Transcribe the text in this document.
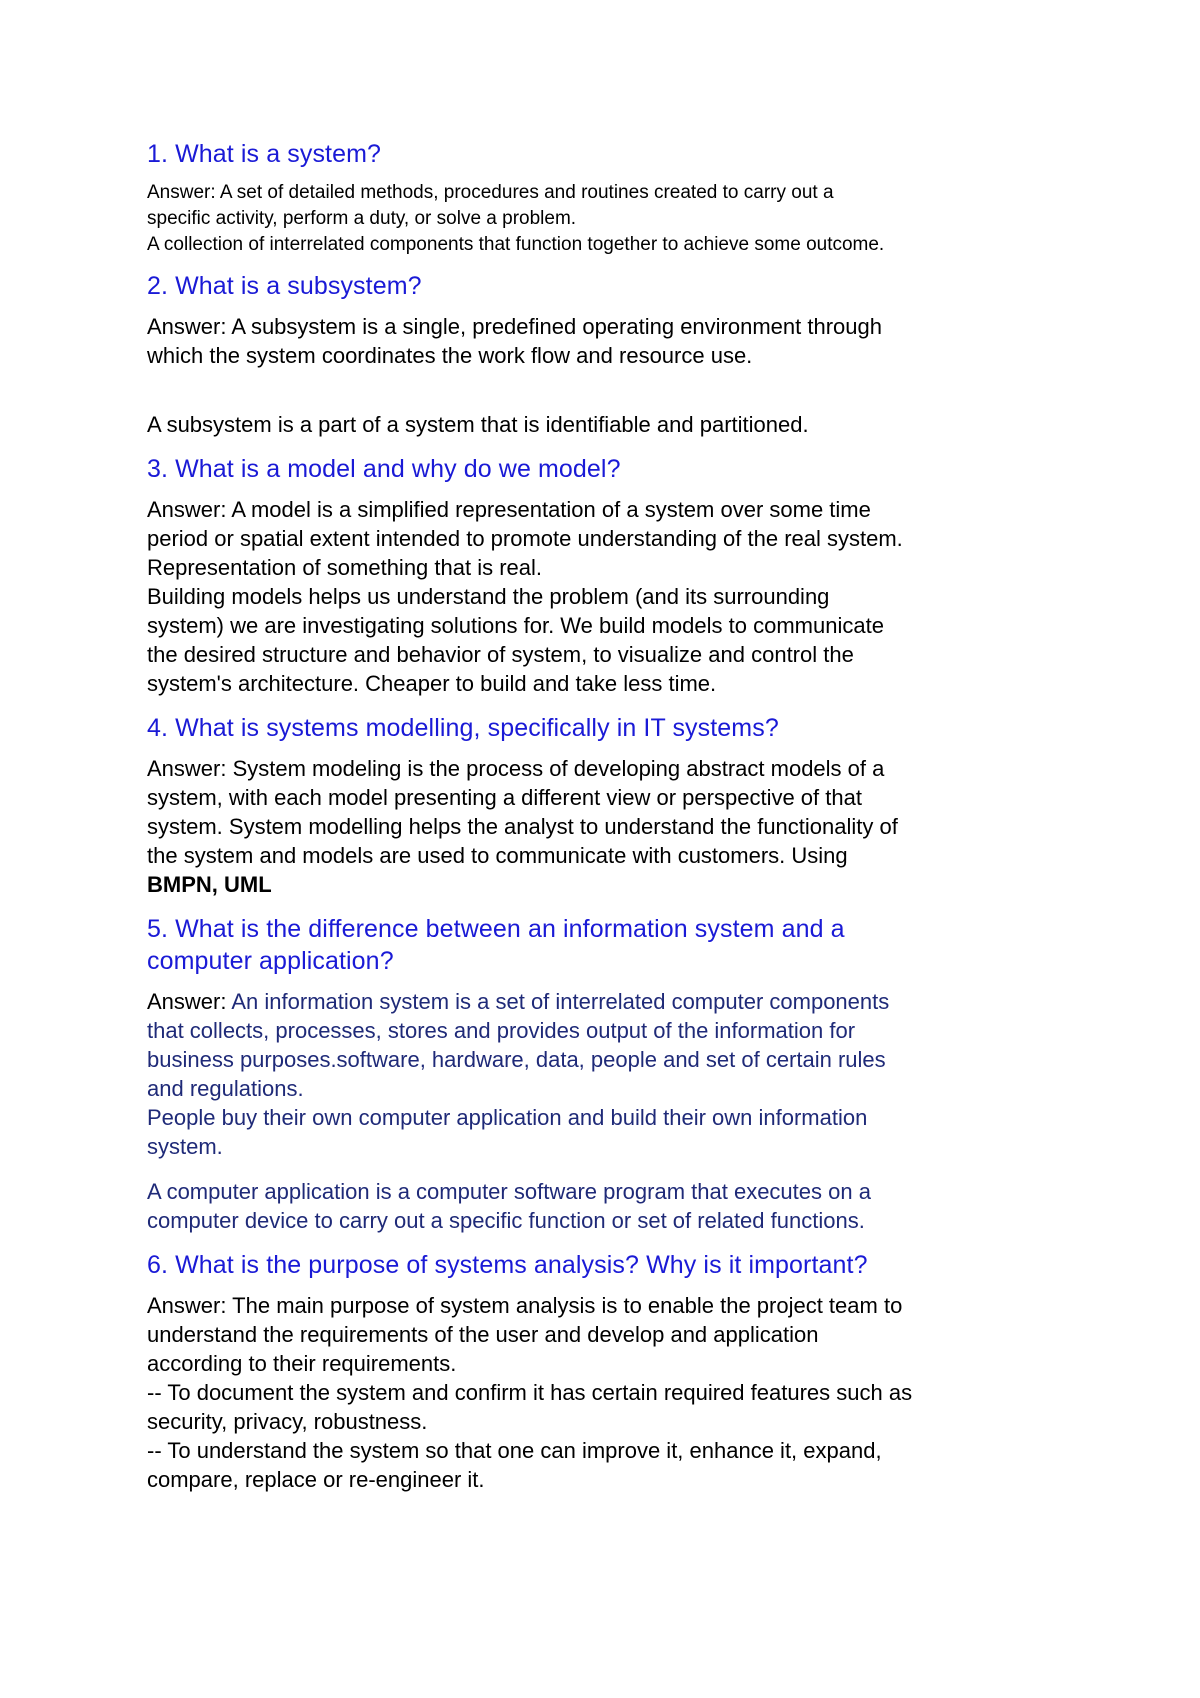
1. What is a system?

Answer: A set of detailed methods, procedures and routines created to carry out a

specific activity, perform a duty, or solve a problem.

A collection of interrelated components that function together to achieve some outcome.

2. What is a subsystem?

Answer: A subsystem is a single, predefined operating environment through

which the system coordinates the work flow and resource use.

A subsystem is a part of a system that is identifiable and partitioned.

3. What is a model and why do we model?

Answer: A model is a simplified representation of a system over some time

period or spatial extent intended to promote understanding of the real system.

Representation of something that is real.

Building models helps us understand the problem (and its surrounding

system) we are investigating solutions for. We build models to communicate

the desired structure and behavior of system, to visualize and control the

system's architecture. Cheaper to build and take less time.

4. What is systems modelling, specifically in IT systems?

Answer: System modeling is the process of developing abstract models of a

system, with each model presenting a different view or perspective of that

system. System modelling helps the analyst to understand the functionality of

the system and models are used to communicate with customers. Using

BMPN, UML

5. What is the difference between an information system and a
computer application?

Answer: An information system is a set of interrelated computer components

that collects, processes, stores and provides output of the information for

business purposes.software, hardware, data, people and set of certain rules

and regulations.

People buy their own computer application and build their own information

system.

A computer application is a computer software program that executes on a

computer device to carry out a specific function or set of related functions.

6. What is the purpose of systems analysis? Why is it important?

Answer: The main purpose of system analysis is to enable the project team to

understand the requirements of the user and develop and application

according to their requirements.

-- To document the system and confirm it has certain required features such as

security, privacy, robustness.

-- To understand the system so that one can improve it, enhance it, expand,

compare, replace or re-engineer it.
